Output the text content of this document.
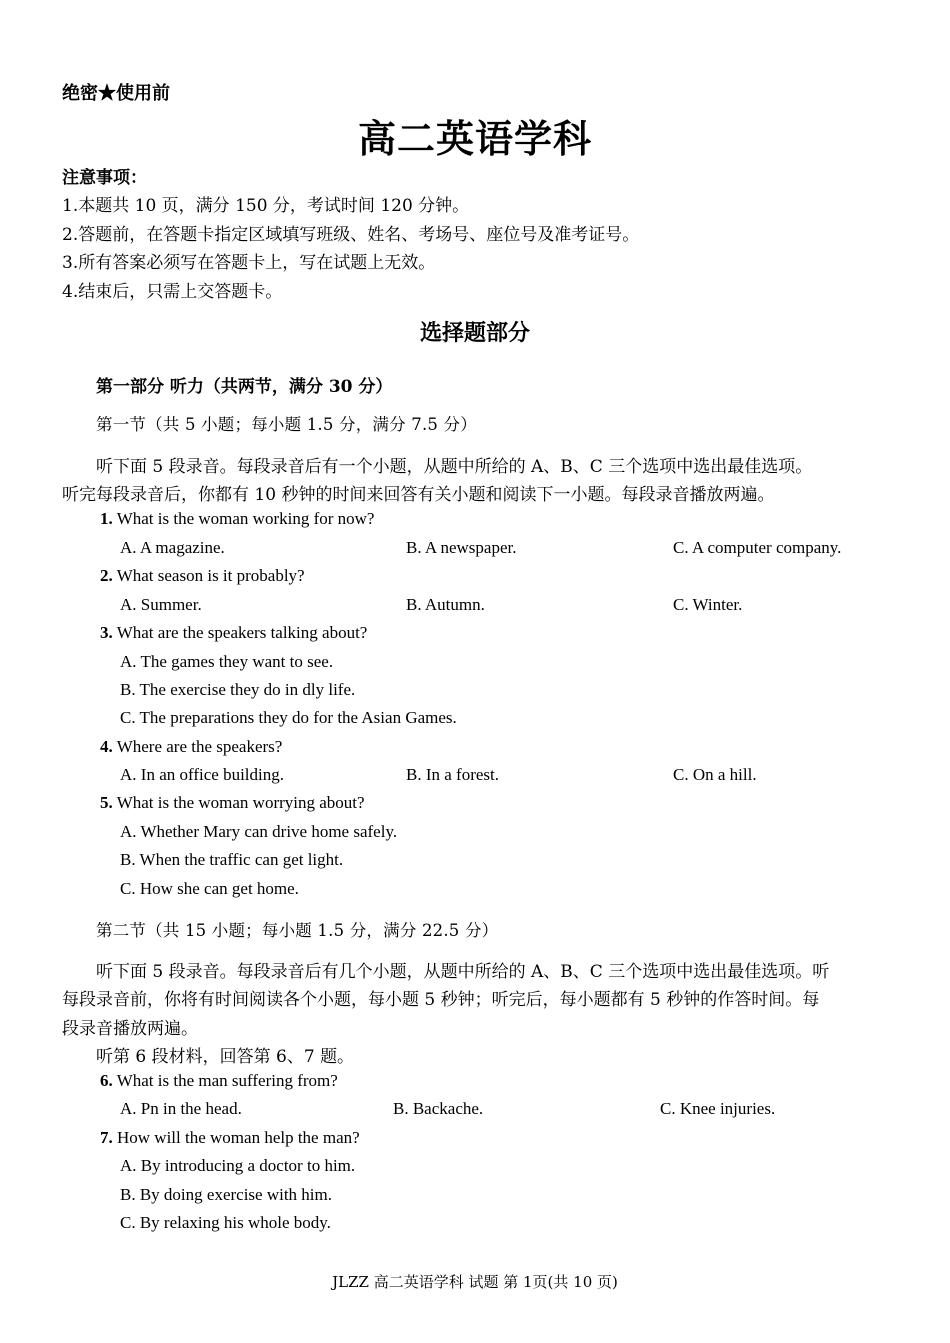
绝密★使用前
高二英语学科
注意事项：
1.本题共 10 页，满分 150 分，考试时间 120 分钟。
2.答题前，在答题卡指定区域填写班级、姓名、考场号、座位号及准考证号。
3.所有答案必须写在答题卡上，写在试题上无效。
4.结束后，只需上交答题卡。
选择题部分
第一部分 听力（共两节，满分 30 分）
第一节（共 5 小题；每小题 1.5 分，满分 7.5 分）
听下面 5 段录音。每段录音后有一个小题，从题中所给的 A、B、C 三个选项中选出最佳选项。
听完每段录音后，你都有 10 秒钟的时间来回答有关小题和阅读下一小题。每段录音播放两遍。
1. What is the woman working for now?
A. A magazine.	B. A newspaper.	C. A computer company.
2. What season is it probably?
A. Summer.	B. Autumn.	C. Winter.
3. What are the speakers talking about?
A. The games they want to see.
B. The exercise they do in dly life.
C. The preparations they do for the Asian Games.
4. Where are the speakers?
A. In an office building.	B. In a forest.	C. On a hill.
5. What is the woman worrying about?
A. Whether Mary can drive home safely.
B. When the traffic can get light.
C. How she can get home.
第二节（共 15 小题；每小题 1.5 分，满分 22.5 分）
听下面 5 段录音。每段录音后有几个小题，从题中所给的 A、B、C 三个选项中选出最佳选项。听
每段录音前，你将有时间阅读各个小题，每小题 5 秒钟；听完后，每小题都有 5 秒钟的作答时间。每
段录音播放两遍。
听第 6 段材料，回答第 6、7 题。
6. What is the man suffering from?
A. Pn in the head.	B. Backache.	C. Knee injuries.
7. How will the woman help the man?
A. By introducing a doctor to him.
B. By doing exercise with him.
C. By relaxing his whole body.
JLZZ 高二英语学科 试题 第 1页(共 10 页)
